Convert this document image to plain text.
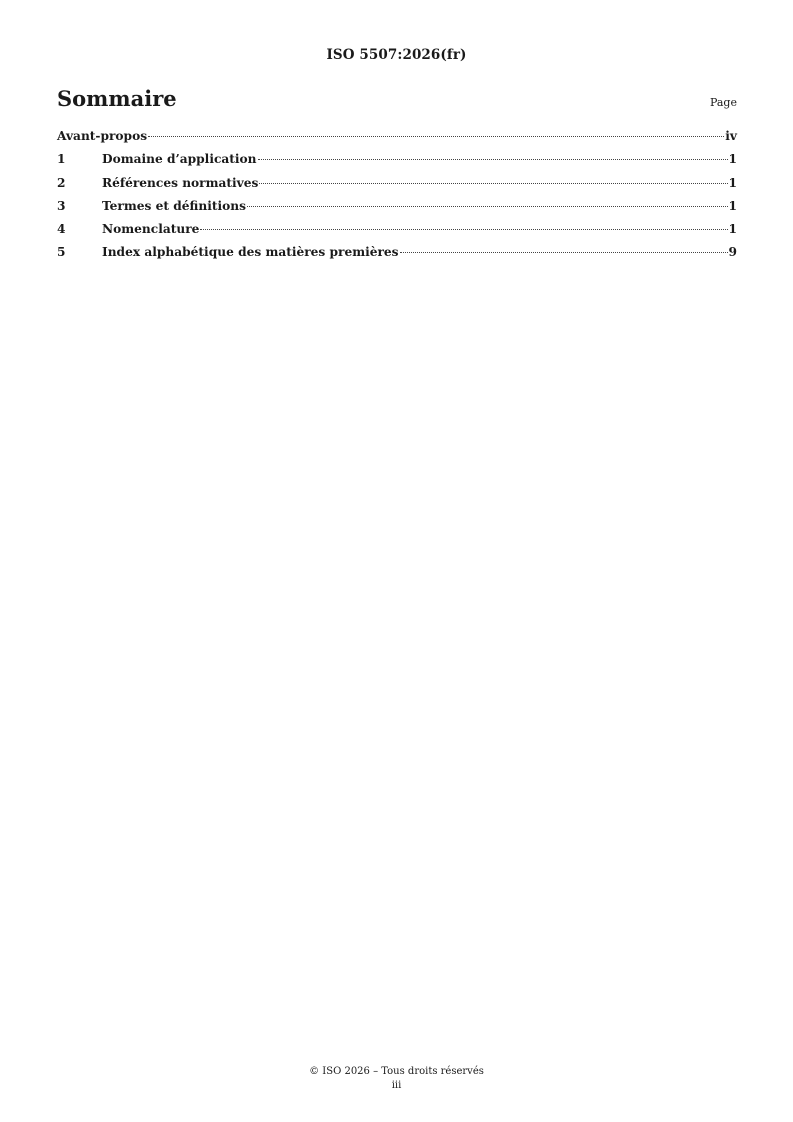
ISO 5507:2026(fr)
Sommaire	Page
Avant-propos	iv
1	Domaine d’application	1
2	Références normatives	1
3	Termes et définitions	1
4	Nomenclature	1
5	Index alphabétique des matières premières	9
© ISO 2026 – Tous droits réservés
iii
